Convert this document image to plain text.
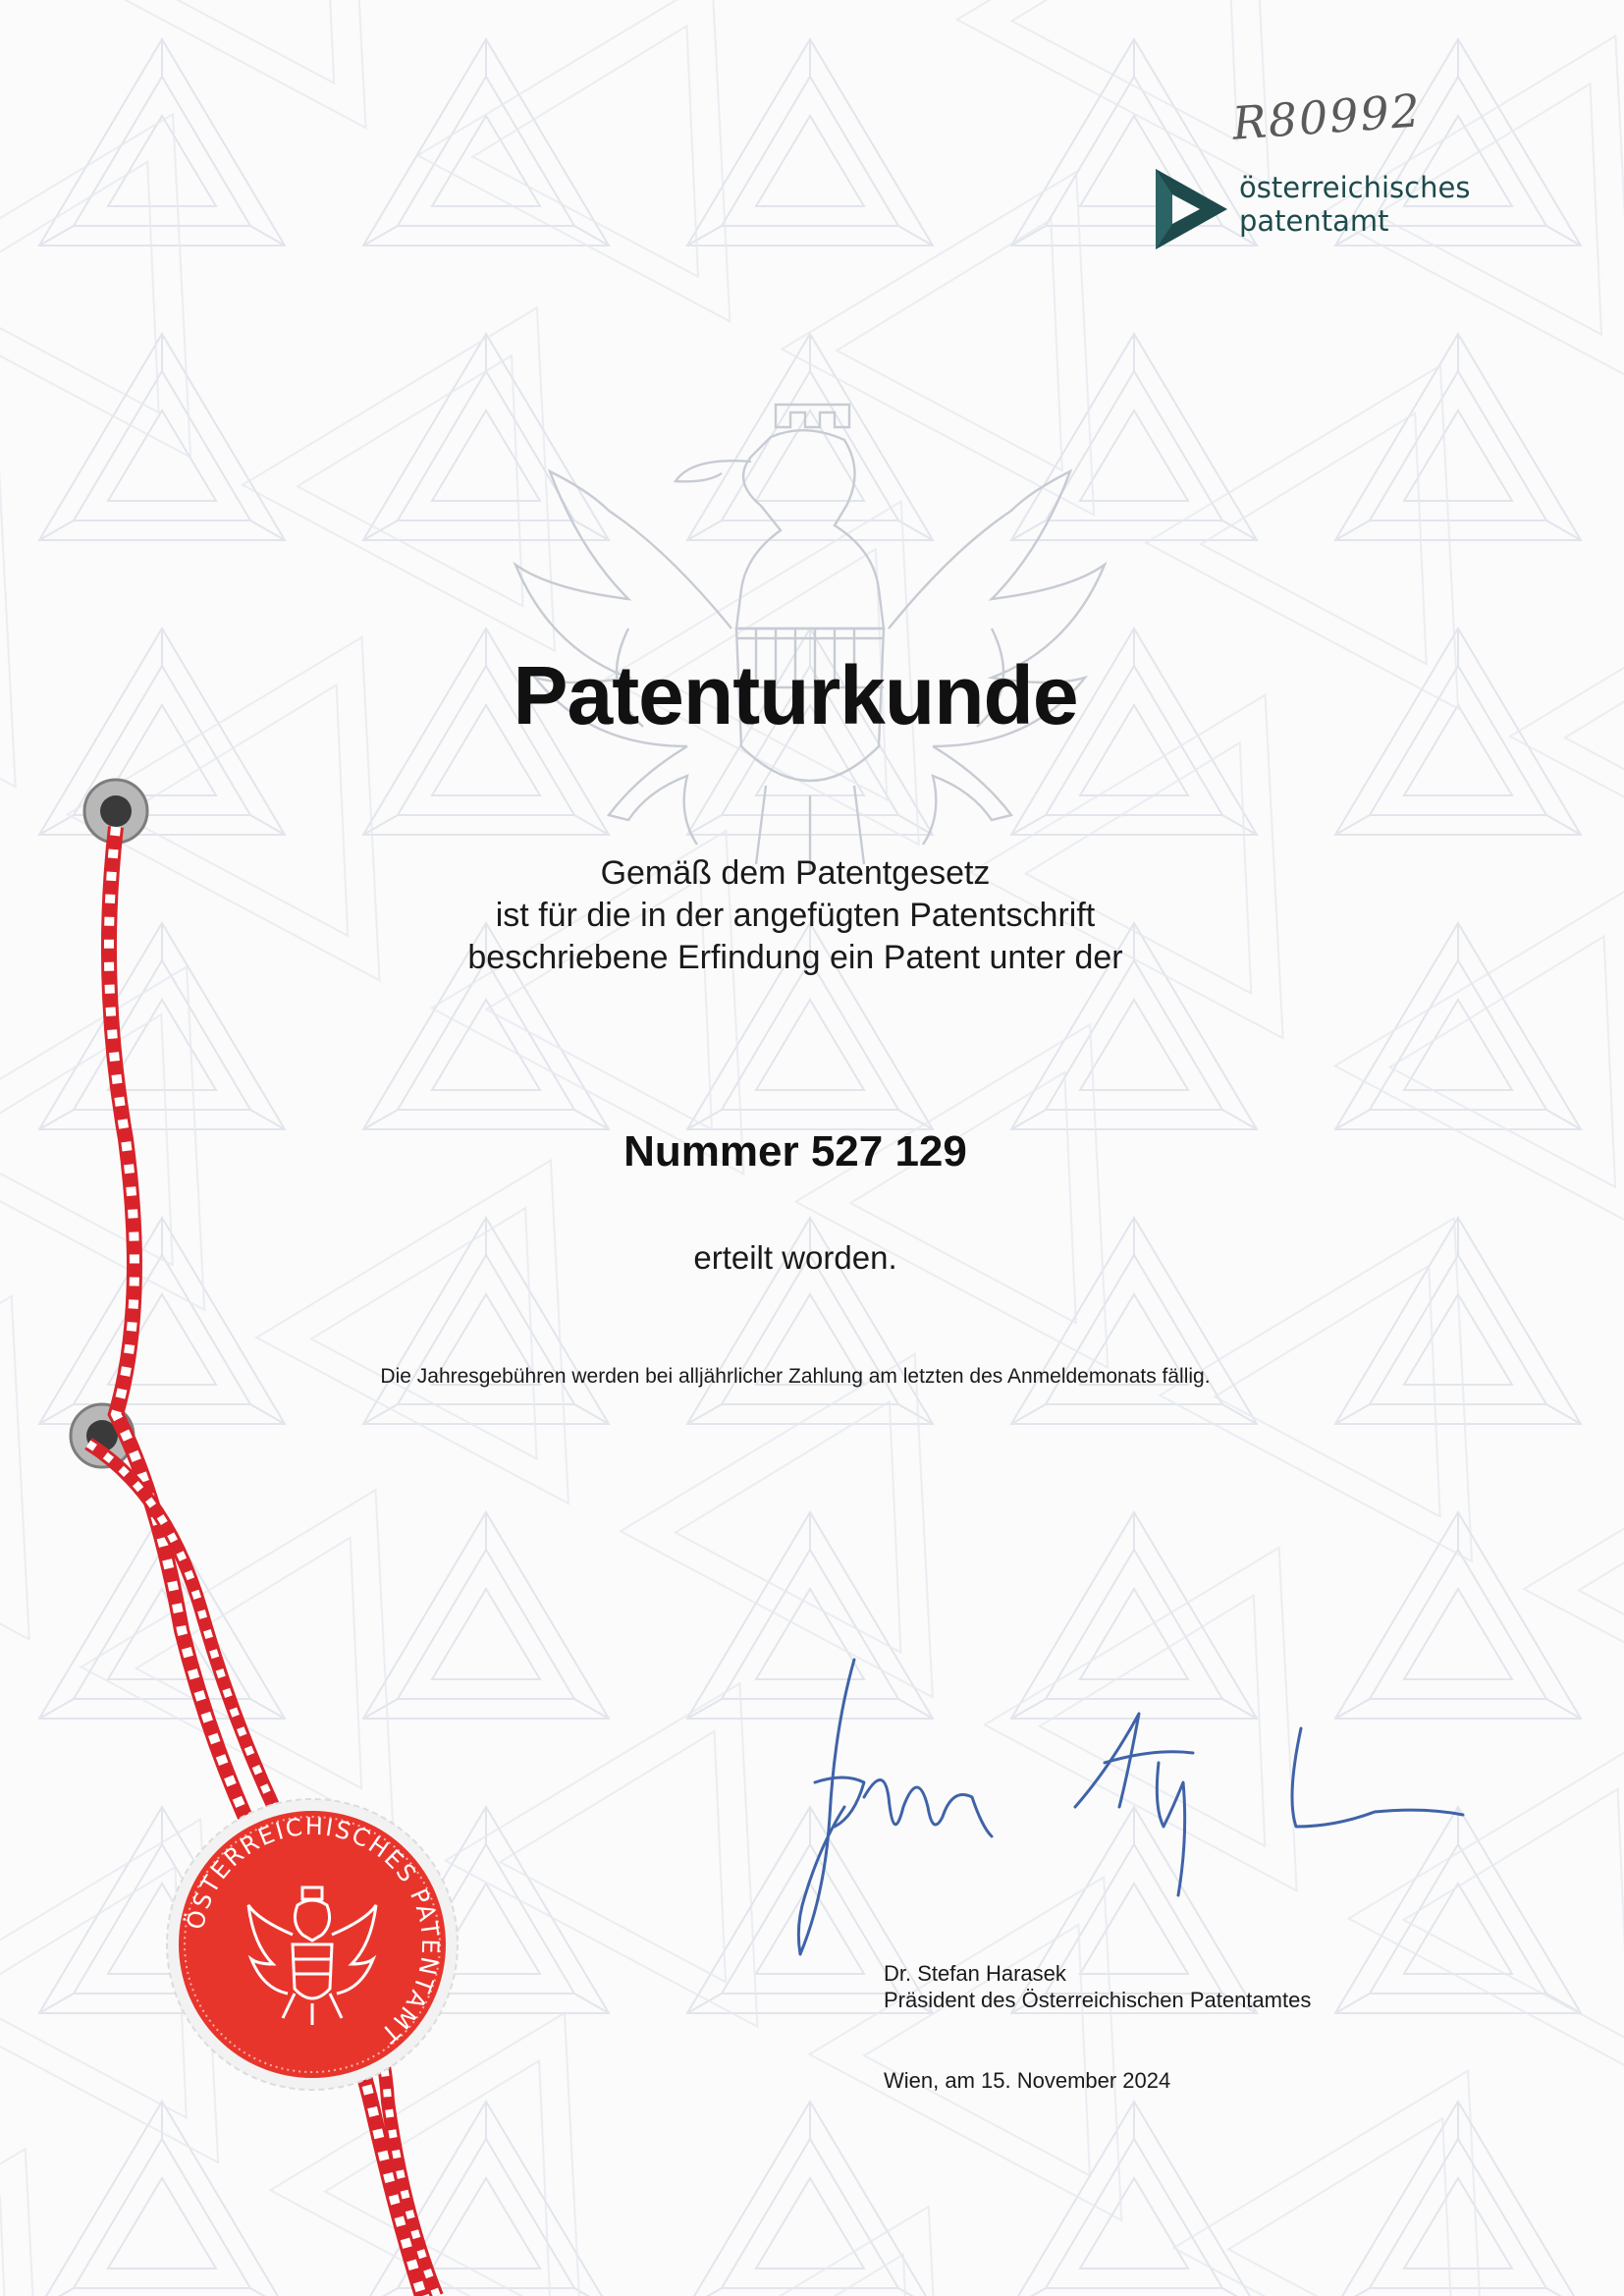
R80992
österreichisches
patentamt
Patenturkunde
Gemäß dem Patentgesetz
ist für die in der angefügten Patentschrift
beschriebene Erfindung ein Patent unter der
Nummer 527 129
erteilt worden.
Die Jahresgebühren werden bei alljährlicher Zahlung am letzten des Anmeldemonats fällig.
Dr. Stefan Harasek
Präsident des Österreichischen Patentamtes
Wien, am 15. November 2024
ÖSTERREICHISCHES PATENTAMT
